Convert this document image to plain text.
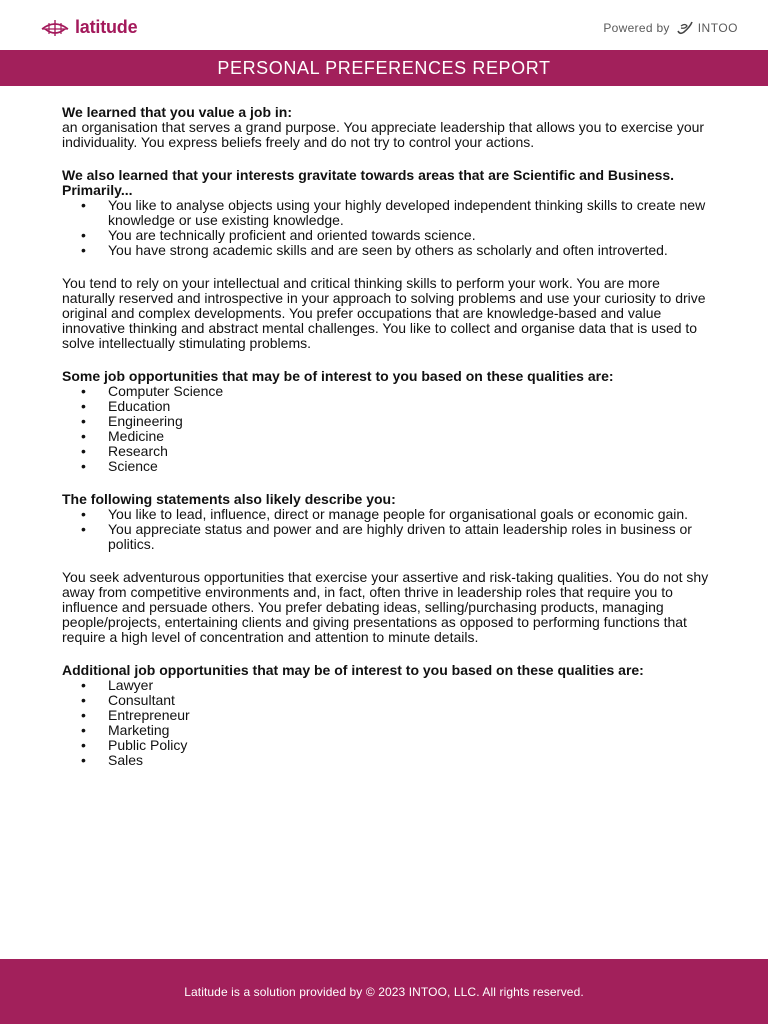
latitude	Powered by INTOO
PERSONAL PREFERENCES REPORT

We learned that you value a job in:

an organisation that serves a grand purpose. You appreciate leadership that allows you to exercise your individuality. You express beliefs freely and do not try to control your actions.

We also learned that your interests gravitate towards areas that are Scientific and Business. Primarily...

• You like to analyse objects using your highly developed independent thinking skills to create new knowledge or use existing knowledge.
• You are technically proficient and oriented towards science.
• You have strong academic skills and are seen by others as scholarly and often introverted.

You tend to rely on your intellectual and critical thinking skills to perform your work. You are more naturally reserved and introspective in your approach to solving problems and use your curiosity to drive original and complex developments. You prefer occupations that are knowledge-based and value innovative thinking and abstract mental challenges. You like to collect and organise data that is used to solve intellectually stimulating problems.

Some job opportunities that may be of interest to you based on these qualities are:

• Computer Science
• Education
• Engineering
• Medicine
• Research
• Science

The following statements also likely describe you:

• You like to lead, influence, direct or manage people for organisational goals or economic gain.
• You appreciate status and power and are highly driven to attain leadership roles in business or politics.

You seek adventurous opportunities that exercise your assertive and risk-taking qualities. You do not shy away from competitive environments and, in fact, often thrive in leadership roles that require you to influence and persuade others. You prefer debating ideas, selling/purchasing products, managing people/projects, entertaining clients and giving presentations as opposed to performing functions that require a high level of concentration and attention to minute details.

Additional job opportunities that may be of interest to you based on these qualities are:

• Lawyer
• Consultant
• Entrepreneur
• Marketing
• Public Policy
• Sales

Latitude is a solution provided by © 2023 INTOO, LLC. All rights reserved.
